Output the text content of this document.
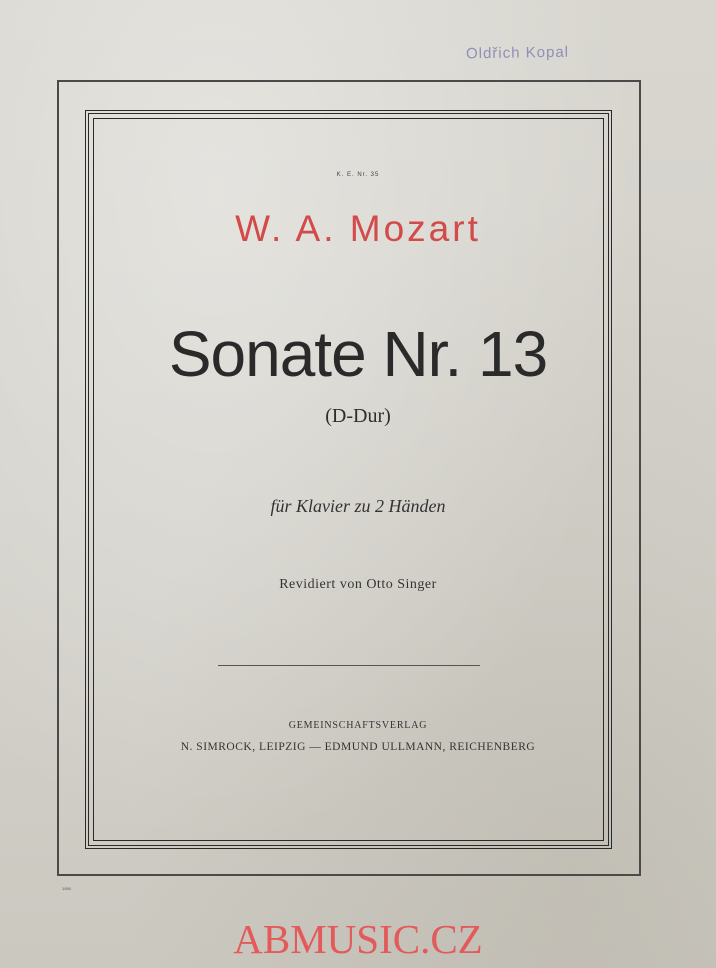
Oldřich Kopal
K. E. Nr. 35
W. A. Mozart
Sonate Nr. 13
(D-Dur)
für Klavier zu 2 Händen
Revidiert von Otto Singer
GEMEINSCHAFTSVERLAG
N. SIMROCK, LEIPZIG — EDMUND ULLMANN, REICHENBERG
1950
ABMUSIC.CZ
